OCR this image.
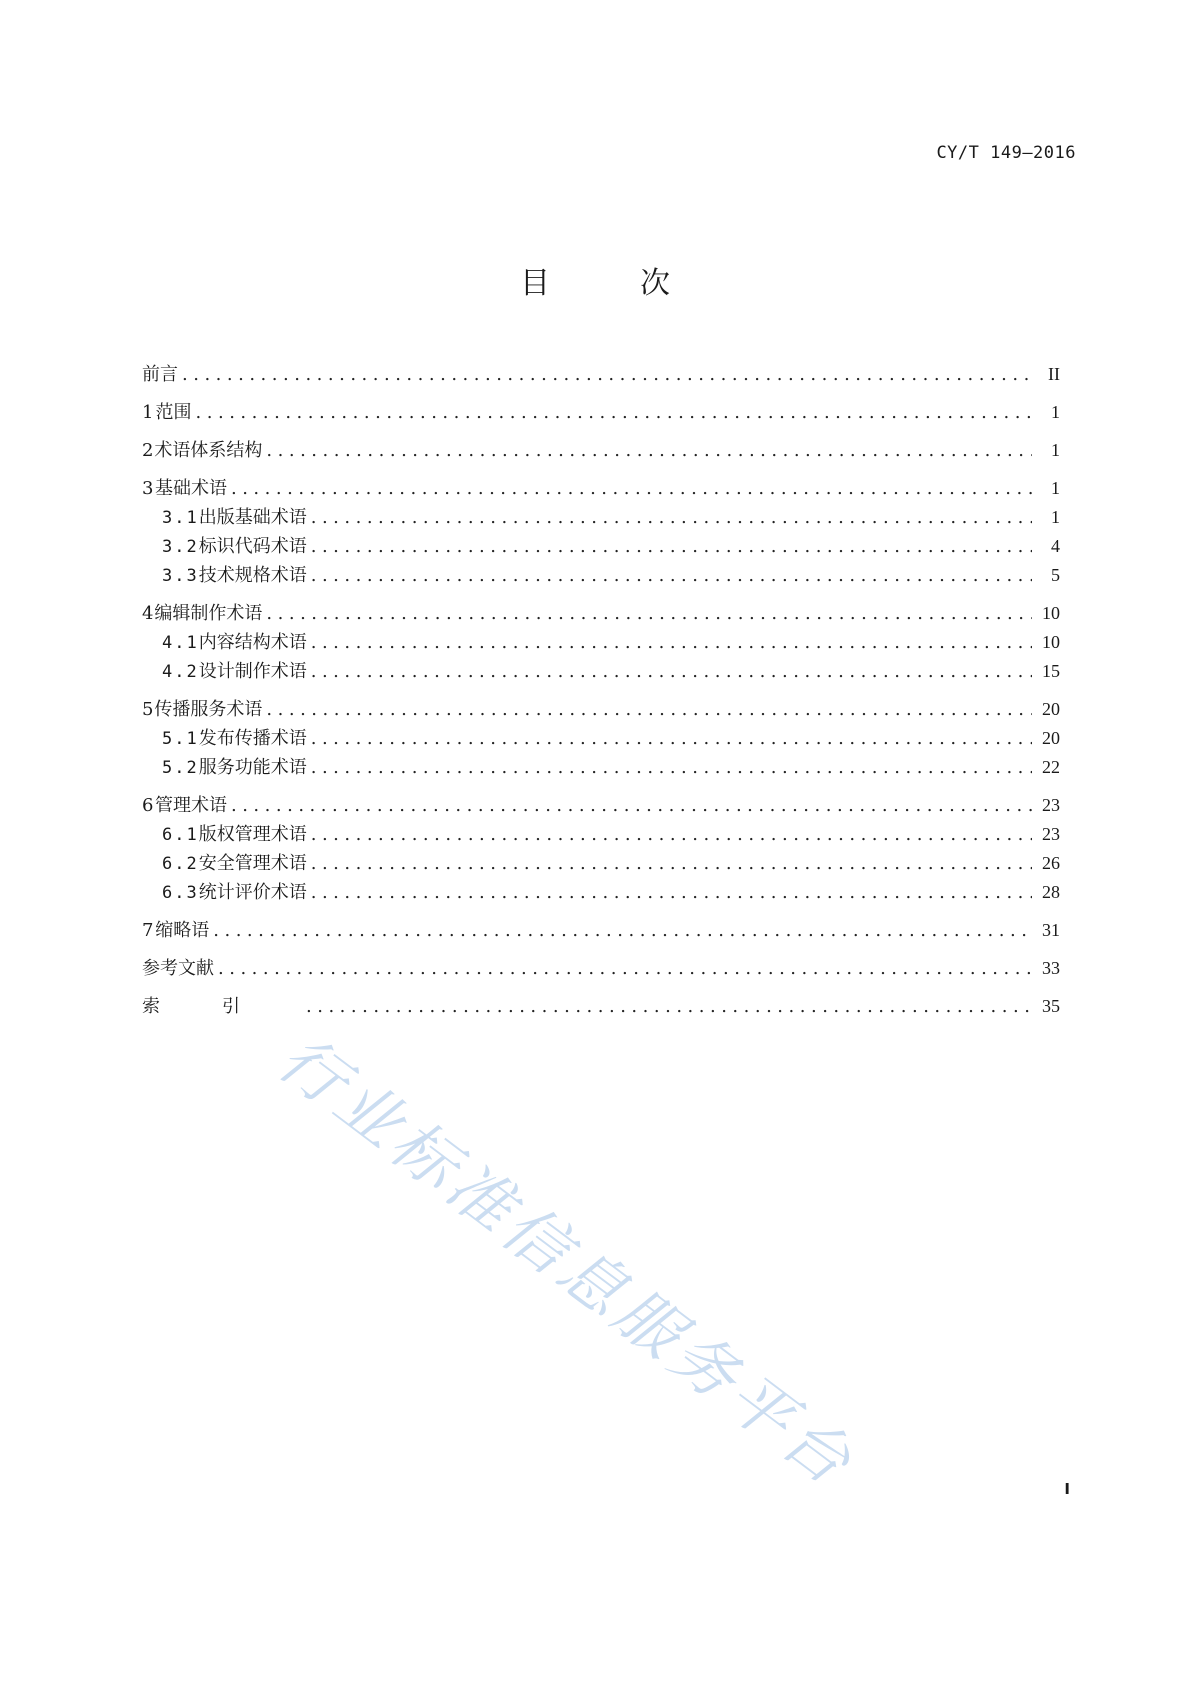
CY/T 149—2016
目　次
前言 .....	II
1 范围 .....	1
2 术语体系结构 .....	1
3 基础术语 .....	1
3.1 出版基础术语 .....	1
3.2 标识代码术语 .....	4
3.3 技术规格术语 .....	5
4 编辑制作术语 .....	10
4.1 内容结构术语 .....	10
4.2 设计制作术语 .....	15
5 传播服务术语 .....	20
5.1 发布传播术语 .....	20
5.2 服务功能术语 .....	22
6 管理术语 .....	23
6.1 版权管理术语 .....	23
6.2 安全管理术语 .....	26
6.3 统计评价术语 .....	28
7 缩略语 .....	31
参考文献 .....	33
索引 .....	35
行业标准信息服务平台	I
